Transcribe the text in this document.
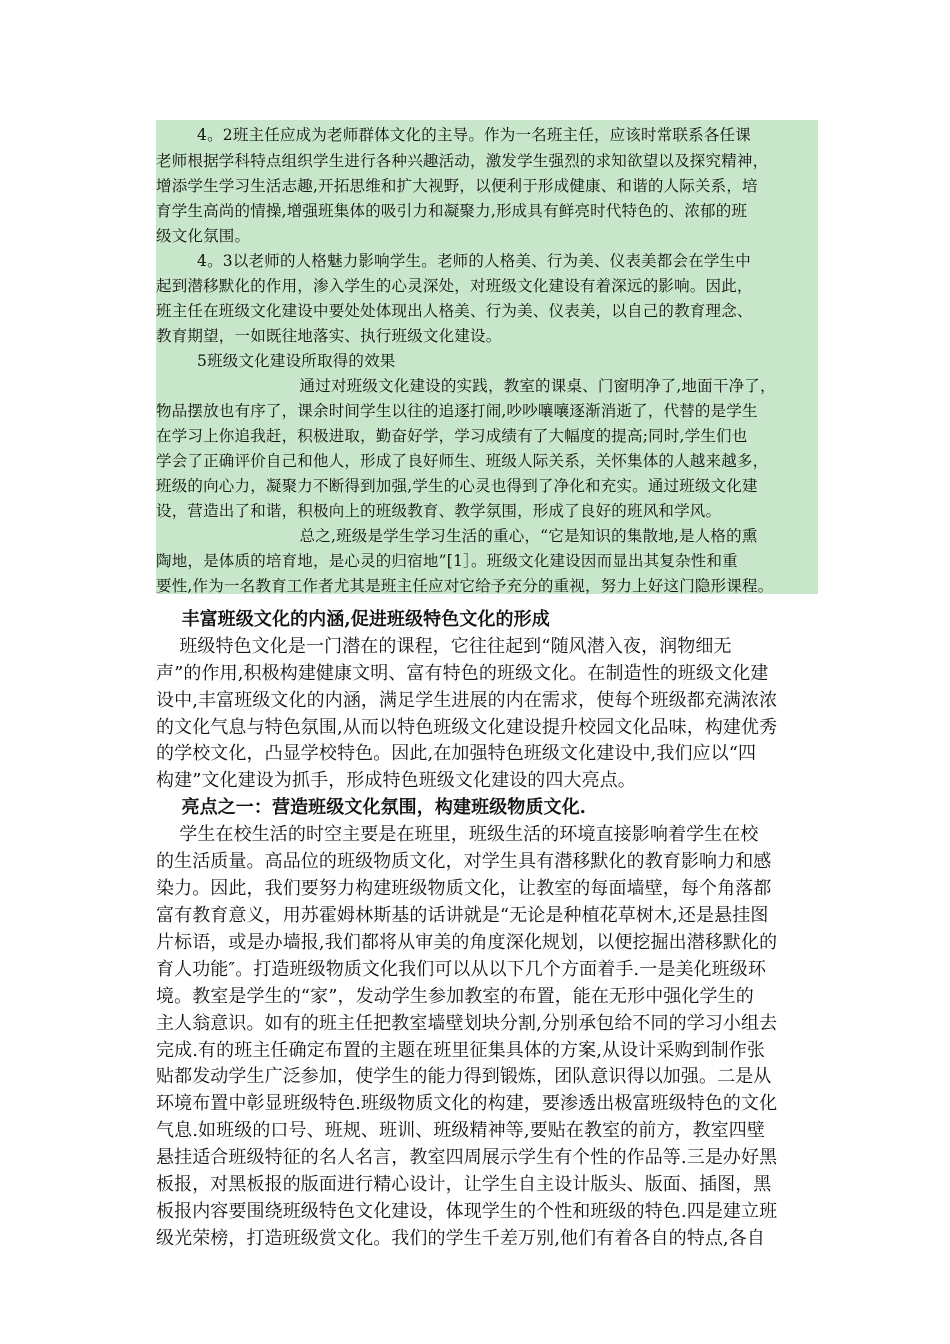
4。2班主任应成为老师群体文化的主导。作为一名班主任，应该时常联系各任课
老师根据学科特点组织学生进行各种兴趣活动，激发学生强烈的求知欲望以及探究精神，
增添学生学习生活志趣,开拓思维和扩大视野，以便利于形成健康、和谐的人际关系，培
育学生高尚的情操,增强班集体的吸引力和凝聚力,形成具有鲜亮时代特色的、浓郁的班
级文化氛围。
4。3以老师的人格魅力影响学生。老师的人格美、行为美、仪表美都会在学生中
起到潜移默化的作用，渗入学生的心灵深处，对班级文化建设有着深远的影响。因此，
班主任在班级文化建设中要处处体现出人格美、行为美、仪表美，以自己的教育理念、
教育期望，一如既往地落实、执行班级文化建设。
5班级文化建设所取得的效果
通过对班级文化建设的实践，教室的课桌、门窗明净了,地面干净了，
物品摆放也有序了，课余时间学生以往的追逐打闹,吵吵嚷嚷逐渐消逝了，代替的是学生
在学习上你追我赶，积极进取，勤奋好学，学习成绩有了大幅度的提高;同时,学生们也
学会了正确评价自己和他人，形成了良好师生、班级人际关系，关怀集体的人越来越多，
班级的向心力，凝聚力不断得到加强,学生的心灵也得到了净化和充实。通过班级文化建
设，营造出了和谐，积极向上的班级教育、教学氛围，形成了良好的班风和学风。
总之,班级是学生学习生活的重心，“它是知识的集散地,是人格的熏
陶地，是体质的培育地，是心灵的归宿地”[1］。班级文化建设因而显出其复杂性和重
要性,作为一名教育工作者尤其是班主任应对它给予充分的重视，努力上好这门隐形课程。
丰富班级文化的内涵,促进班级特色文化的形成
班级特色文化是一门潜在的课程，它往往起到“随风潜入夜，润物细无
声”的作用,积极构建健康文明、富有特色的班级文化。在制造性的班级文化建
设中,丰富班级文化的内涵，满足学生进展的内在需求，使每个班级都充满浓浓
的文化气息与特色氛围,从而以特色班级文化建设提升校园文化品味，构建优秀
的学校文化，凸显学校特色。因此,在加强特色班级文化建设中,我们应以“四
构建”文化建设为抓手，形成特色班级文化建设的四大亮点。
亮点之一：营造班级文化氛围，构建班级物质文化.
学生在校生活的时空主要是在班里，班级生活的环境直接影响着学生在校
的生活质量。高品位的班级物质文化，对学生具有潜移默化的教育影响力和感
染力。因此，我们要努力构建班级物质文化，让教室的每面墙壁，每个角落都
富有教育意义，用苏霍姆林斯基的话讲就是“无论是种植花草树木,还是悬挂图
片标语，或是办墙报,我们都将从审美的角度深化规划，以便挖掘出潜移默化的
育人功能″。打造班级物质文化我们可以从以下几个方面着手.一是美化班级环
境。教室是学生的“家”，发动学生参加教室的布置，能在无形中强化学生的
主人翁意识。如有的班主任把教室墙壁划块分割,分别承包给不同的学习小组去
完成.有的班主任确定布置的主题在班里征集具体的方案,从设计采购到制作张
贴都发动学生广泛参加，使学生的能力得到锻炼，团队意识得以加强。二是从
环境布置中彰显班级特色.班级物质文化的构建，要渗透出极富班级特色的文化
气息.如班级的口号、班规、班训、班级精神等,要贴在教室的前方，教室四壁
悬挂适合班级特征的名人名言，教室四周展示学生有个性的作品等.三是办好黑
板报，对黑板报的版面进行精心设计，让学生自主设计版头、版面、插图，黑
板报内容要围绕班级特色文化建设，体现学生的个性和班级的特色.四是建立班
级光荣榜，打造班级赏文化。我们的学生千差万别,他们有着各自的特点,各自
